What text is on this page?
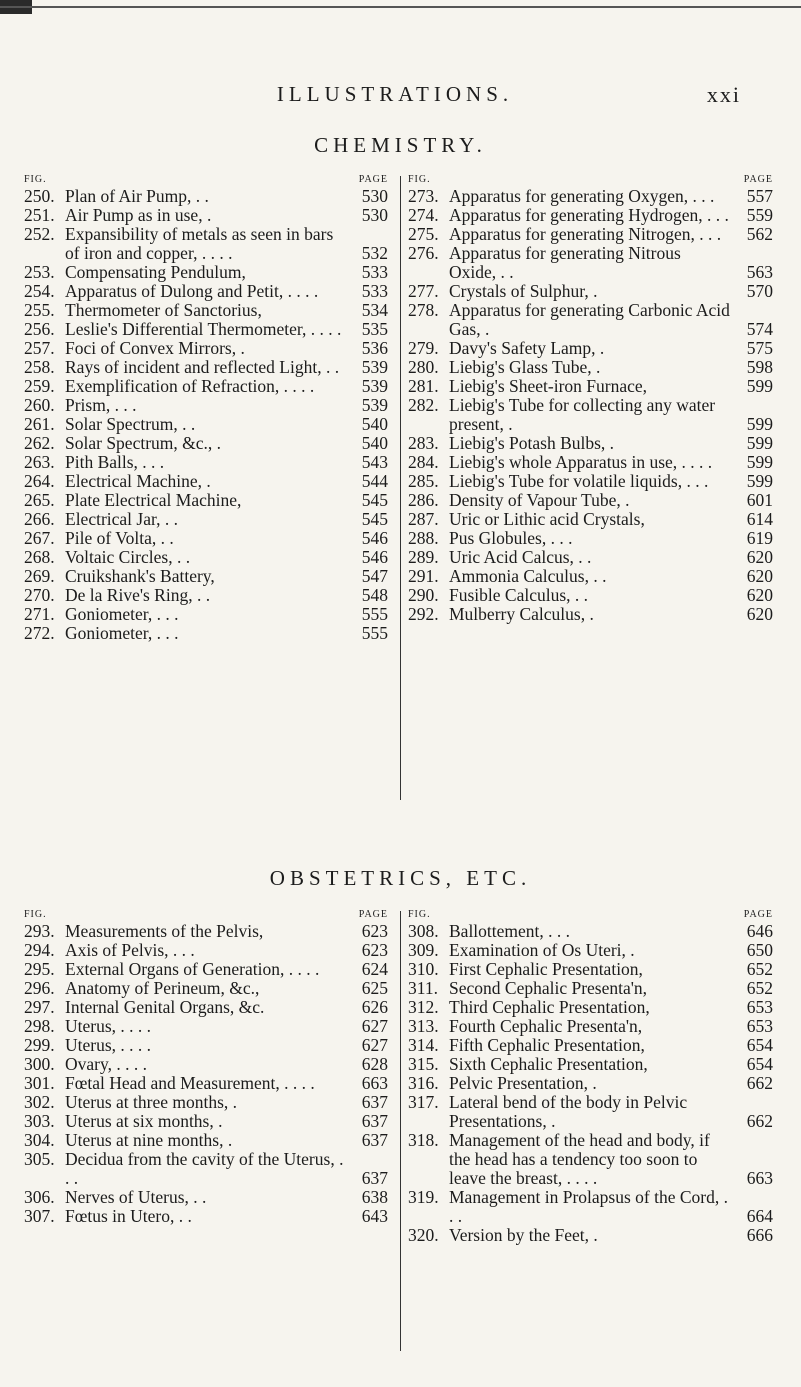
ILLUSTRATIONS.	xxi
CHEMISTRY.
FIG.	PAGE
250. Plan of Air Pump, . .	530
251. Air Pump as in use, .	530
252. Expansibility of metals as seen in bars of iron and copper, . . . .	532
253. Compensating Pendulum,	533
254. Apparatus of Dulong and Petit, . . . .	533
255. Thermometer of Sanctorius,	534
256. Leslie's Differential Thermometer, . . . .	535
257. Foci of Convex Mirrors, .	536
258. Rays of incident and reflected Light, . .	539
259. Exemplification of Refraction, . . . .	539
260. Prism, . . .	539
261. Solar Spectrum, . .	540
262. Solar Spectrum, &c., .	540
263. Pith Balls, . . .	543
264. Electrical Machine, .	544
265. Plate Electrical Machine,	545
266. Electrical Jar, . .	545
267. Pile of Volta, . .	546
268. Voltaic Circles, . .	546
269. Cruikshank's Battery,	547
270. De la Rive's Ring, . .	548
271. Goniometer, . . .	555
272. Goniometer, . . .	555
FIG.	PAGE
273. Apparatus for generating Oxygen, . . .	557
274. Apparatus for generating Hydrogen, . . .	559
275. Apparatus for generating Nitrogen, . . .	562
276. Apparatus for generating Nitrous Oxide, . .	563
277. Crystals of Sulphur, .	570
278. Apparatus for generating Carbonic Acid Gas, .	574
279. Davy's Safety Lamp, .	575
280. Liebig's Glass Tube, .	598
281. Liebig's Sheet-iron Furnace,	599
282. Liebig's Tube for collecting any water present, .	599
283. Liebig's Potash Bulbs, .	599
284. Liebig's whole Apparatus in use, . . . .	599
285. Liebig's Tube for volatile liquids, . . .	599
286. Density of Vapour Tube, .	601
287. Uric or Lithic acid Crystals,	614
288. Pus Globules, . . .	619
289. Uric Acid Calcus, . .	620
291. Ammonia Calculus, . .	620
290. Fusible Calculus, . .	620
292. Mulberry Calculus, .	620
OBSTETRICS, ETC.
FIG.	PAGE
293. Measurements of the Pelvis,	623
294. Axis of Pelvis, . . .	623
295. External Organs of Generation, . . . .	624
296. Anatomy of Perineum, &c.,	625
297. Internal Genital Organs, &c.	626
298. Uterus, . . . .	627
299. Uterus, . . . .	627
300. Ovary, . . . .	628
301. Fœtal Head and Measurement, . . . .	663
302. Uterus at three months, .	637
303. Uterus at six months, .	637
304. Uterus at nine months, .	637
305. Decidua from the cavity of the Uterus, . . .	637
306. Nerves of Uterus, . .	638
307. Fœtus in Utero, . .	643
FIG.	PAGE
308. Ballottement, . . .	646
309. Examination of Os Uteri, .	650
310. First Cephalic Presentation,	652
311. Second Cephalic Presenta'n,	652
312. Third Cephalic Presentation,	653
313. Fourth Cephalic Presenta'n,	653
314. Fifth Cephalic Presentation,	654
315. Sixth Cephalic Presentation,	654
316. Pelvic Presentation, .	662
317. Lateral bend of the body in Pelvic Presentations, .	662
318. Management of the head and body, if the head has a tendency too soon to leave the breast, . . . .	663
319. Management in Prolapsus of the Cord, . . .	664
320. Version by the Feet, .	666
